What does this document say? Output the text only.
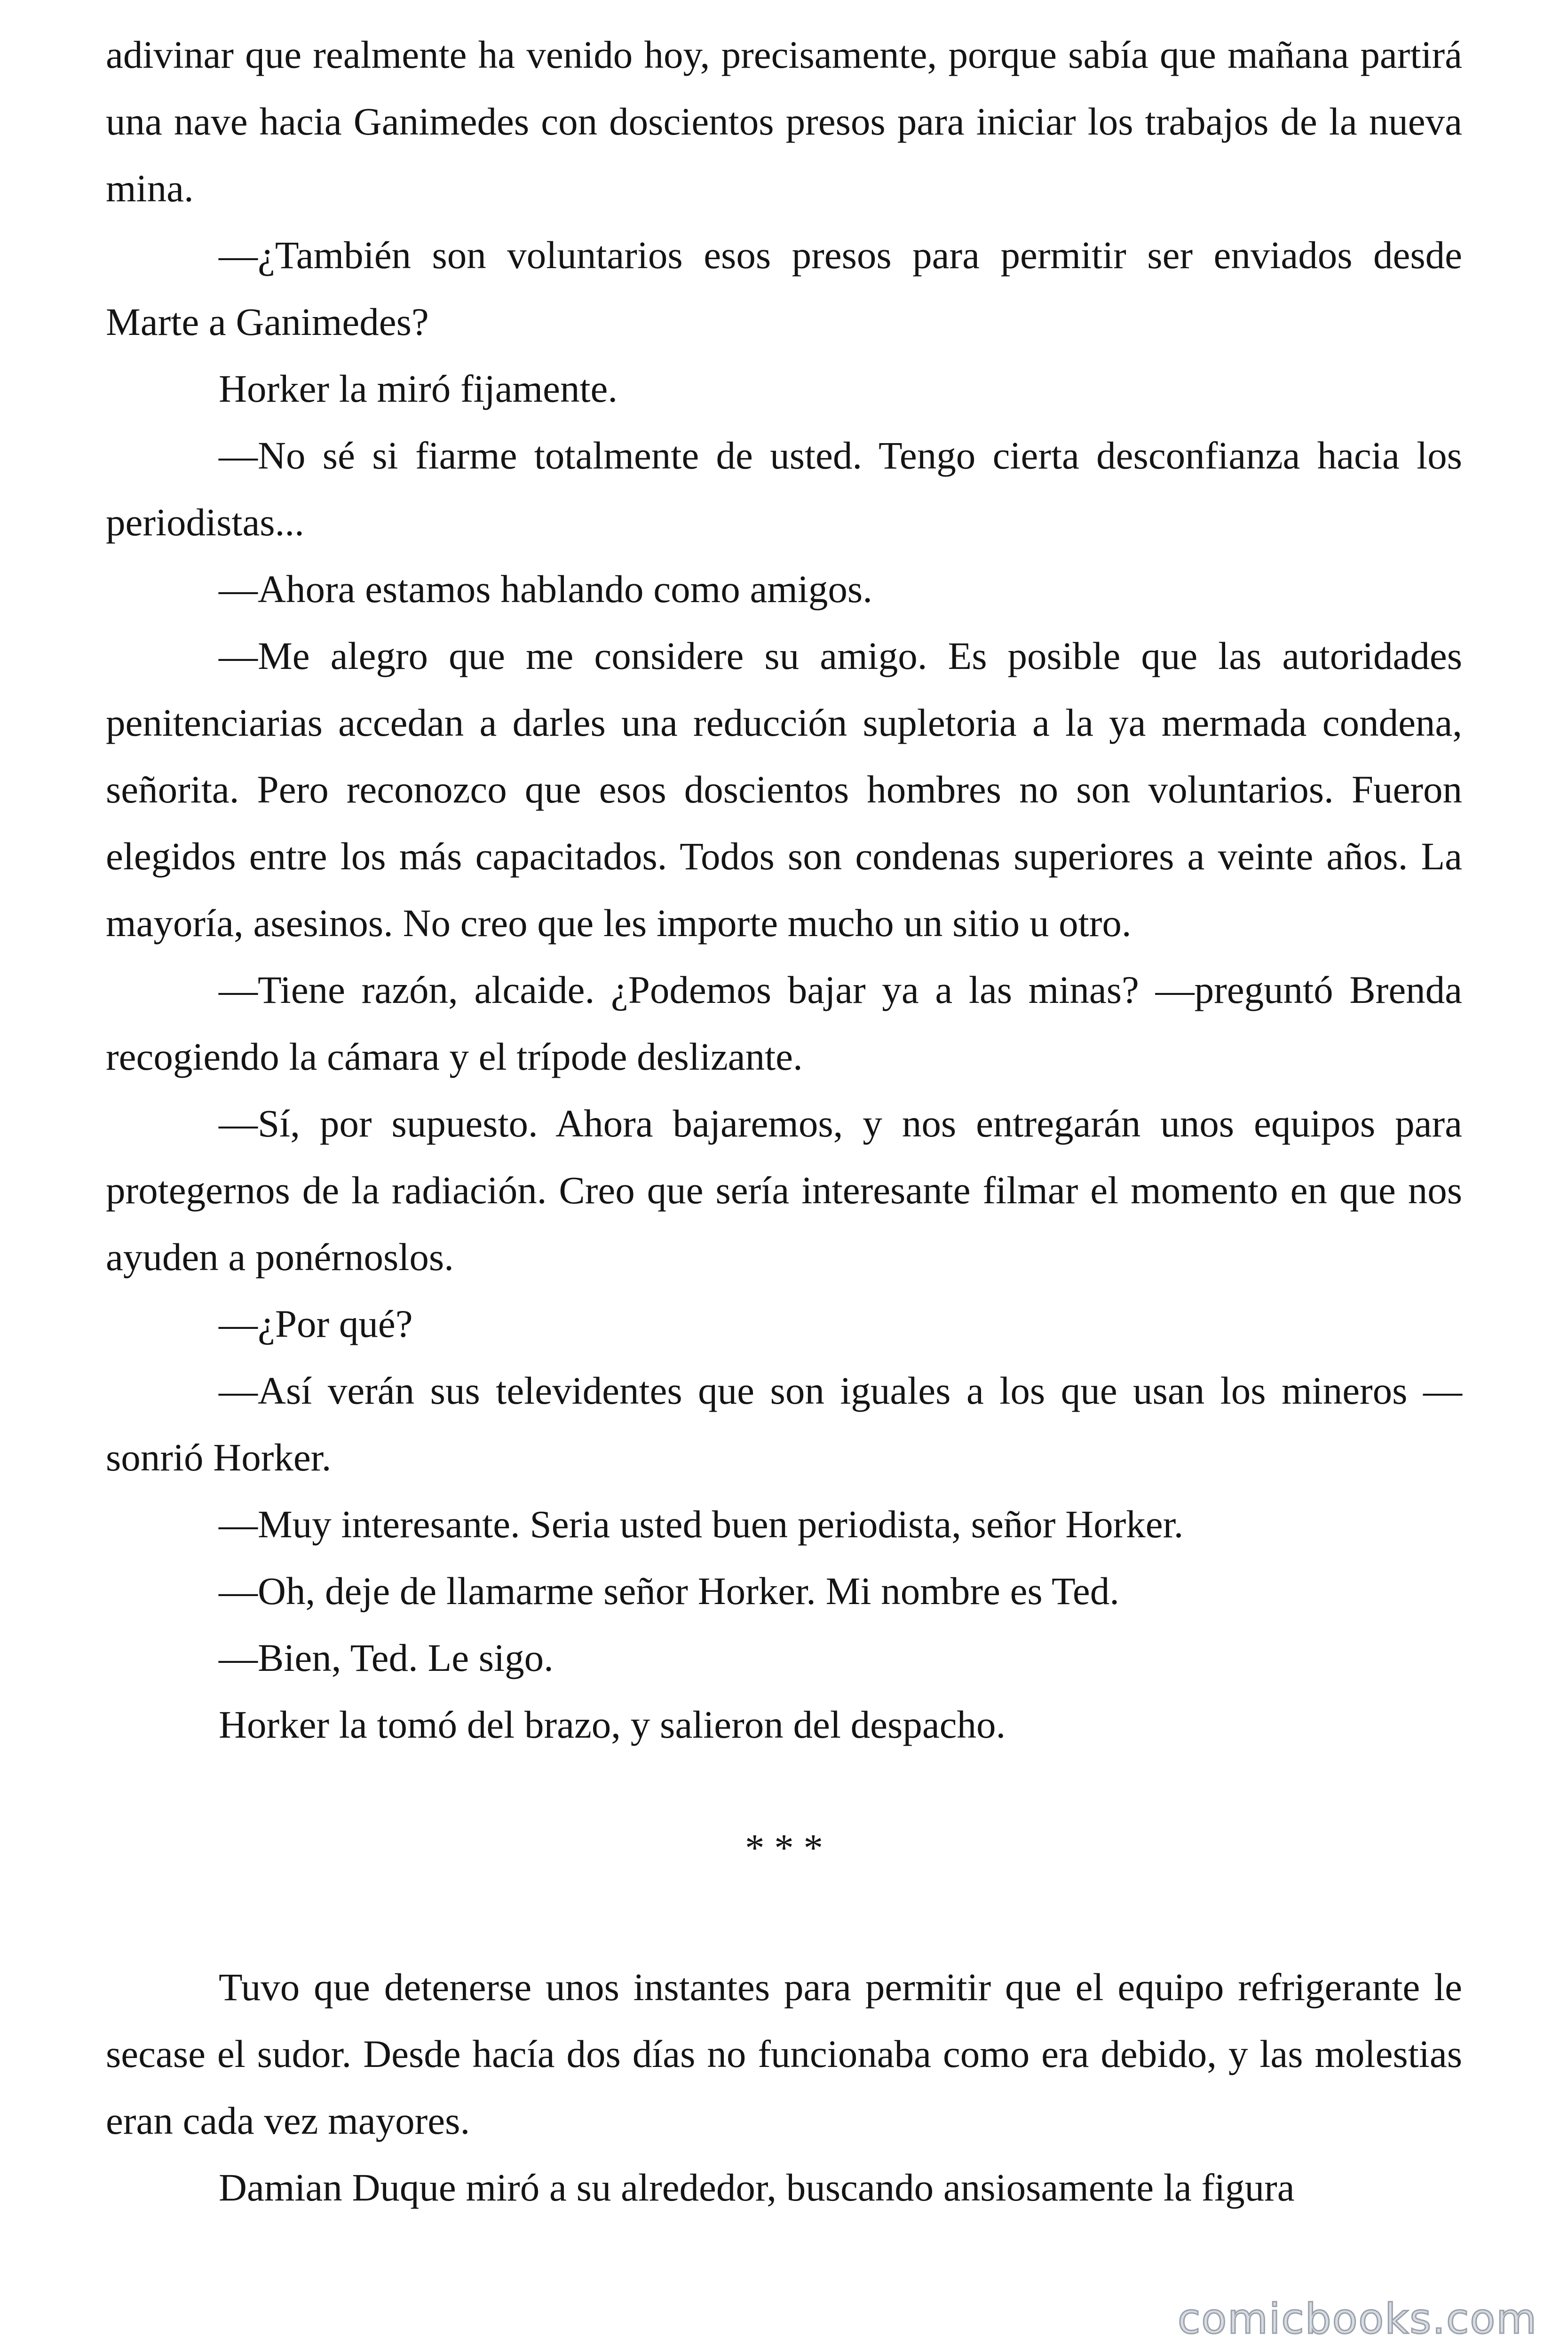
adivinar que realmente ha venido hoy, precisamente, porque sabía que mañana partirá una nave hacia Ganimedes con doscientos presos para iniciar los trabajos de la nueva mina.

—¿También son voluntarios esos presos para permitir ser enviados desde Marte a Ganimedes?

Horker la miró fijamente.

—No sé si fiarme totalmente de usted. Tengo cierta desconfianza hacia los periodistas...

—Ahora estamos hablando como amigos.

—Me alegro que me considere su amigo. Es posible que las autoridades penitenciarias accedan a darles una reducción supletoria a la ya mermada condena, señorita. Pero reconozco que esos doscientos hombres no son voluntarios. Fueron elegidos entre los más capacitados. Todos son condenas superiores a veinte años. La mayoría, asesinos. No creo que les importe mucho un sitio u otro.

—Tiene razón, alcaide. ¿Podemos bajar ya a las minas? —preguntó Brenda recogiendo la cámara y el trípode deslizante.

—Sí, por supuesto. Ahora bajaremos, y nos entregarán unos equipos para protegernos de la radiación. Creo que sería interesante filmar el momento en que nos ayuden a ponérnoslos.

—¿Por qué?

—Así verán sus televidentes que son iguales a los que usan los mineros —sonrió Horker.

—Muy interesante. Seria usted buen periodista, señor Horker.

—Oh, deje de llamarme señor Horker. Mi nombre es Ted.

—Bien, Ted. Le sigo.

Horker la tomó del brazo, y salieron del despacho.

* * *

Tuvo que detenerse unos instantes para permitir que el equipo refrigerante le secase el sudor. Desde hacía dos días no funcionaba como era debido, y las molestias eran cada vez mayores.

Damian Duque miró a su alrededor, buscando ansiosamente la figura

comicbooks.com
